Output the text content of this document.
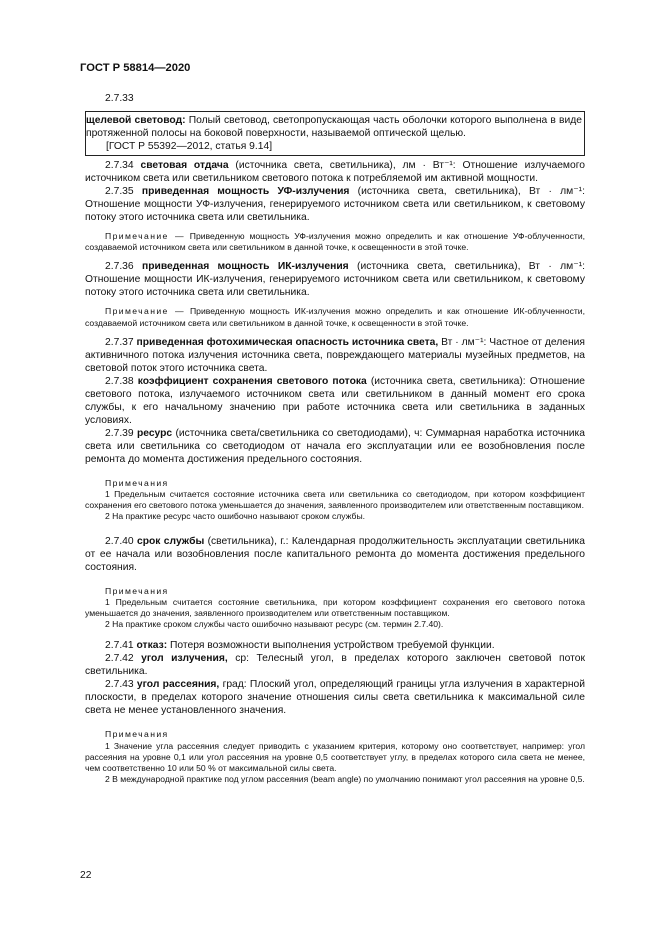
ГОСТ Р 58814—2020

2.7.33

щелевой световод: Полый световод, светопропускающая часть оболочки которого выполнена в виде протяженной полосы на боковой поверхности, называемой оптической щелью.

[ГОСТ Р 55392—2012, статья 9.14]

2.7.34 световая отдача (источника света, светильника), лм · Вт⁻¹: Отношение излучаемого источником света или светильником светового потока к потребляемой им активной мощности.

2.7.35 приведенная мощность УФ-излучения (источника света, светильника), Вт · лм⁻¹: Отношение мощности УФ-излучения, генерируемого источником света или светильником, к световому потоку этого источника света или светильника.

Примечание — Приведенную мощность УФ-излучения можно определить и как отношение УФ-облученности, создаваемой источником света или светильником в данной точке, к освещенности в этой точке.

2.7.36 приведенная мощность ИК-излучения (источника света, светильника), Вт · лм⁻¹: Отношение мощности ИК-излучения, генерируемого источником света или светильником, к световому потоку этого источника света или светильника.

Примечание — Приведенную мощность ИК-излучения можно определить и как отношение ИК-облученности, создаваемой источником света или светильником в данной точке, к освещенности в этой точке.

2.7.37 приведенная фотохимическая опасность источника света, Вт · лм⁻¹: Частное от деления активничного потока излучения источника света, повреждающего материалы музейных предметов, на световой поток этого источника света.

2.7.38 коэффициент сохранения светового потока (источника света, светильника): Отношение светового потока, излучаемого источником света или светильником в данный момент его срока службы, к его начальному значению при работе источника света или светильника в заданных условиях.

2.7.39 ресурс (источника света/светильника со светодиодами), ч: Суммарная наработка источника света или светильника со светодиодом от начала его эксплуатации или ее возобновления после ремонта до момента достижения предельного состояния.

Примечания

1 Предельным считается состояние источника света или светильника со светодиодом, при котором коэффициент сохранения его светового потока уменьшается до значения, заявленного производителем или ответственным поставщиком.

2 На практике ресурс часто ошибочно называют сроком службы.

2.7.40 срок службы (светильника), г.: Календарная продолжительность эксплуатации светильника от ее начала или возобновления после капитального ремонта до момента достижения предельного состояния.

Примечания

1 Предельным считается состояние светильника, при котором коэффициент сохранения его светового потока уменьшается до значения, заявленного производителем или ответственным поставщиком.

2 На практике сроком службы часто ошибочно называют ресурс (см. термин 2.7.40).

2.7.41 отказ: Потеря возможности выполнения устройством требуемой функции.

2.7.42 угол излучения, ср: Телесный угол, в пределах которого заключен световой поток светильника.

2.7.43 угол рассеяния, град: Плоский угол, определяющий границы угла излучения в характерной плоскости, в пределах которого значение отношения силы света светильника к максимальной силе света не менее установленного значения.

Примечания

1 Значение угла рассеяния следует приводить с указанием критерия, которому оно соответствует, например: угол рассеяния на уровне 0,1 или угол рассеяния на уровне 0,5 соответствует углу, в пределах которого сила света не менее, чем соответственно 10 или 50 % от максимальной силы света.

2 В международной практике под углом рассеяния (beam angle) по умолчанию понимают угол рассеяния на уровне 0,5.

22
